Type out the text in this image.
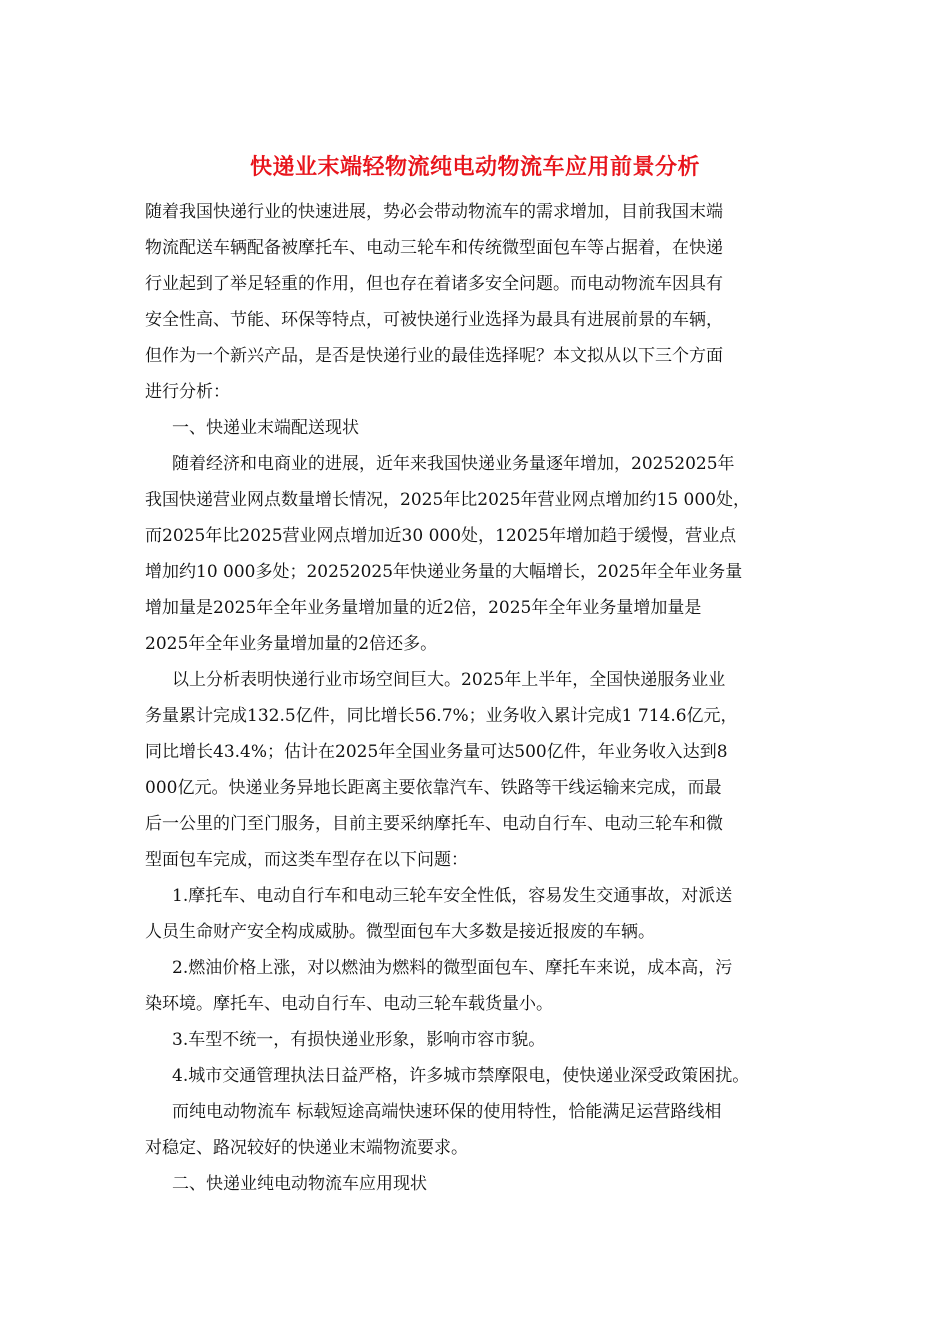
快递业末端轻物流纯电动物流车应用前景分析

随着我国快递行业的快速进展，势必会带动物流车的需求增加，目前我国末端

物流配送车辆配备被摩托车、电动三轮车和传统微型面包车等占据着，在快递

行业起到了举足轻重的作用，但也存在着诸多安全问题。而电动物流车因具有

安全性高、节能、环保等特点，可被快递行业选择为最具有进展前景的车辆，

但作为一个新兴产品，是否是快递行业的最佳选择呢？本文拟从以下三个方面

进行分析：

一、快递业末端配送现状

随着经济和电商业的进展，近年来我国快递业务量逐年增加，20252025年

我国快递营业网点数量增长情况，2025年比2025年营业网点增加约15 000处，

而2025年比2025营业网点增加近30 000处，12025年增加趋于缓慢，营业点

增加约10 000多处；20252025年快递业务量的大幅增长，2025年全年业务量

增加量是2025年全年业务量增加量的近2倍，2025年全年业务量增加量是

2025年全年业务量增加量的2倍还多。

以上分析表明快递行业市场空间巨大。2025年上半年，全国快递服务业业

务量累计完成132.5亿件，同比增长56.7%；业务收入累计完成1 714.6亿元，

同比增长43.4%；估计在2025年全国业务量可达500亿件，年业务收入达到8

000亿元。快递业务异地长距离主要依靠汽车、铁路等干线运输来完成，而最

后一公里的门至门服务，目前主要采纳摩托车、电动自行车、电动三轮车和微

型面包车完成，而这类车型存在以下问题：

1.摩托车、电动自行车和电动三轮车安全性低，容易发生交通事故，对派送

人员生命财产安全构成威胁。微型面包车大多数是接近报废的车辆。

2.燃油价格上涨，对以燃油为燃料的微型面包车、摩托车来说，成本高，污

染环境。摩托车、电动自行车、电动三轮车载货量小。

3.车型不统一，有损快递业形象，影响市容市貌。

4.城市交通管理执法日益严格，许多城市禁摩限电，使快递业深受政策困扰。

而纯电动物流车 标载短途高端快速环保的使用特性，恰能满足运营路线相

对稳定、路况较好的快递业末端物流要求。

二、快递业纯电动物流车应用现状
